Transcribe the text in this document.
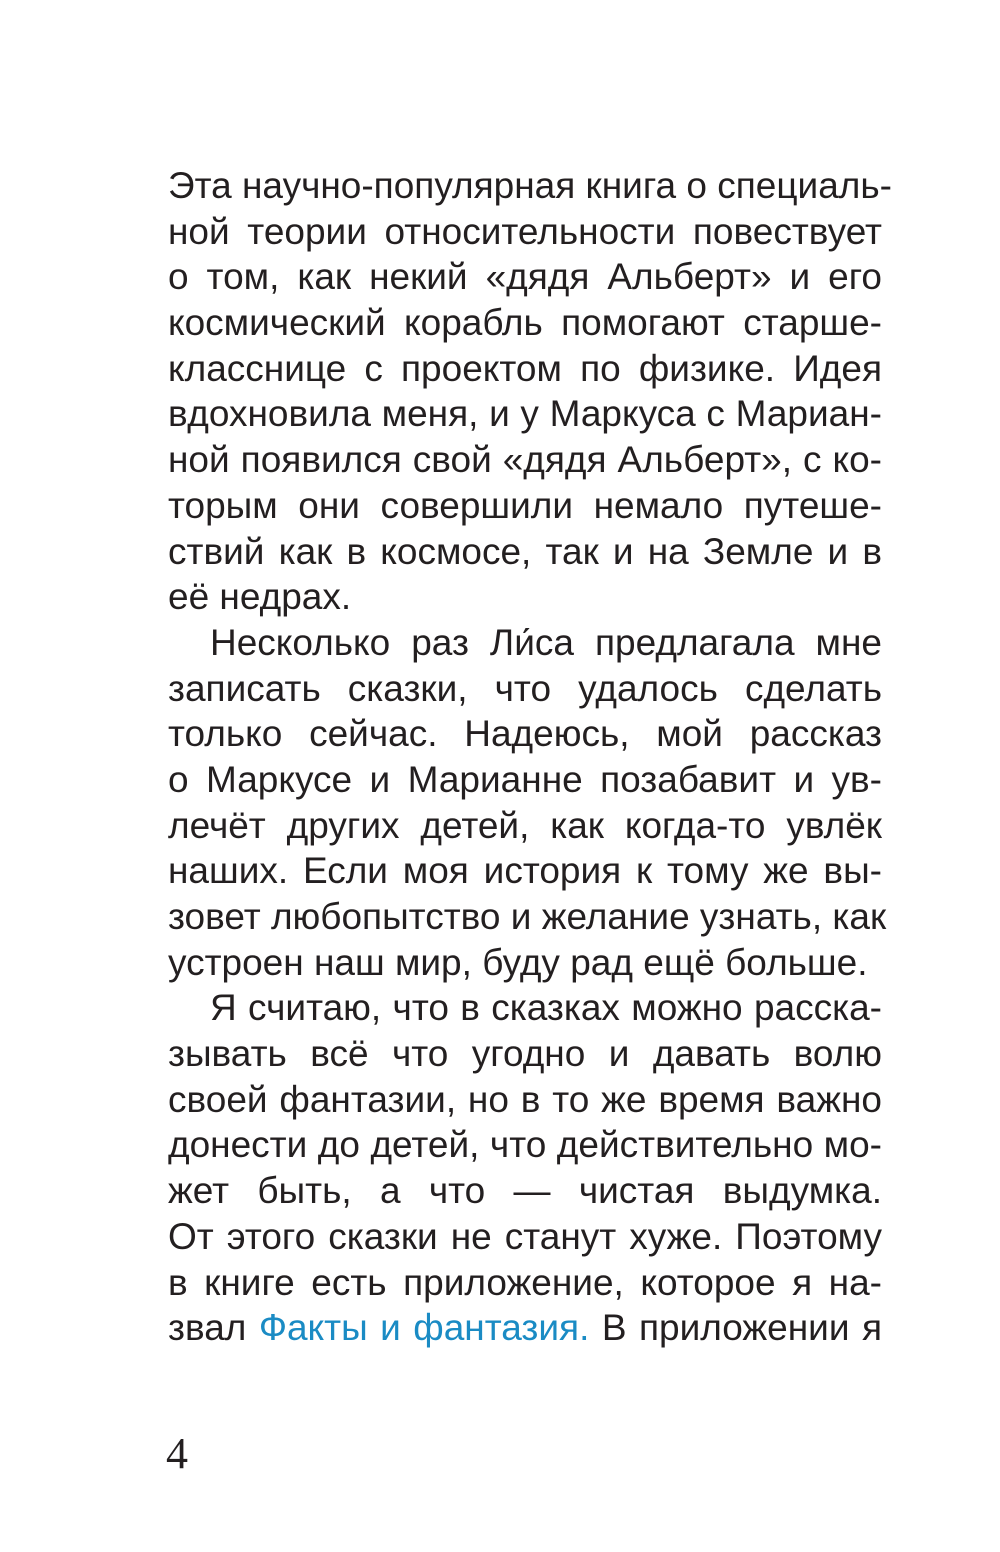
Эта научно-популярная книга о специаль-
ной теории относительности повествует
о том, как некий «дядя Альберт» и его
космический корабль помогают старше-
класснице с проектом по физике. Идея
вдохновила меня, и у Маркуса с Мариан-
ной появился свой «дядя Альберт», с ко-
торым они совершили немало путеше-
ствий как в космосе, так и на Земле и в
её недрах.
Несколько раз Ли́са предлагала мне
записать сказки, что удалось сделать
только сейчас. Надеюсь, мой рассказ
о Маркусе и Марианне позабавит и ув-
лечёт других детей, как когда-то увлёк
наших. Если моя история к тому же вы-
зовет любопытство и желание узнать, как
устроен наш мир, буду рад ещё больше.
Я считаю, что в сказках можно расска-
зывать всё что угодно и давать волю
своей фантазии, но в то же время важно
донести до детей, что действительно мо-
жет быть, а что — чистая выдумка.
От этого сказки не станут хуже. Поэтому
в книге есть приложение, которое я на-
звал Факты и фантазия. В приложении я
4
